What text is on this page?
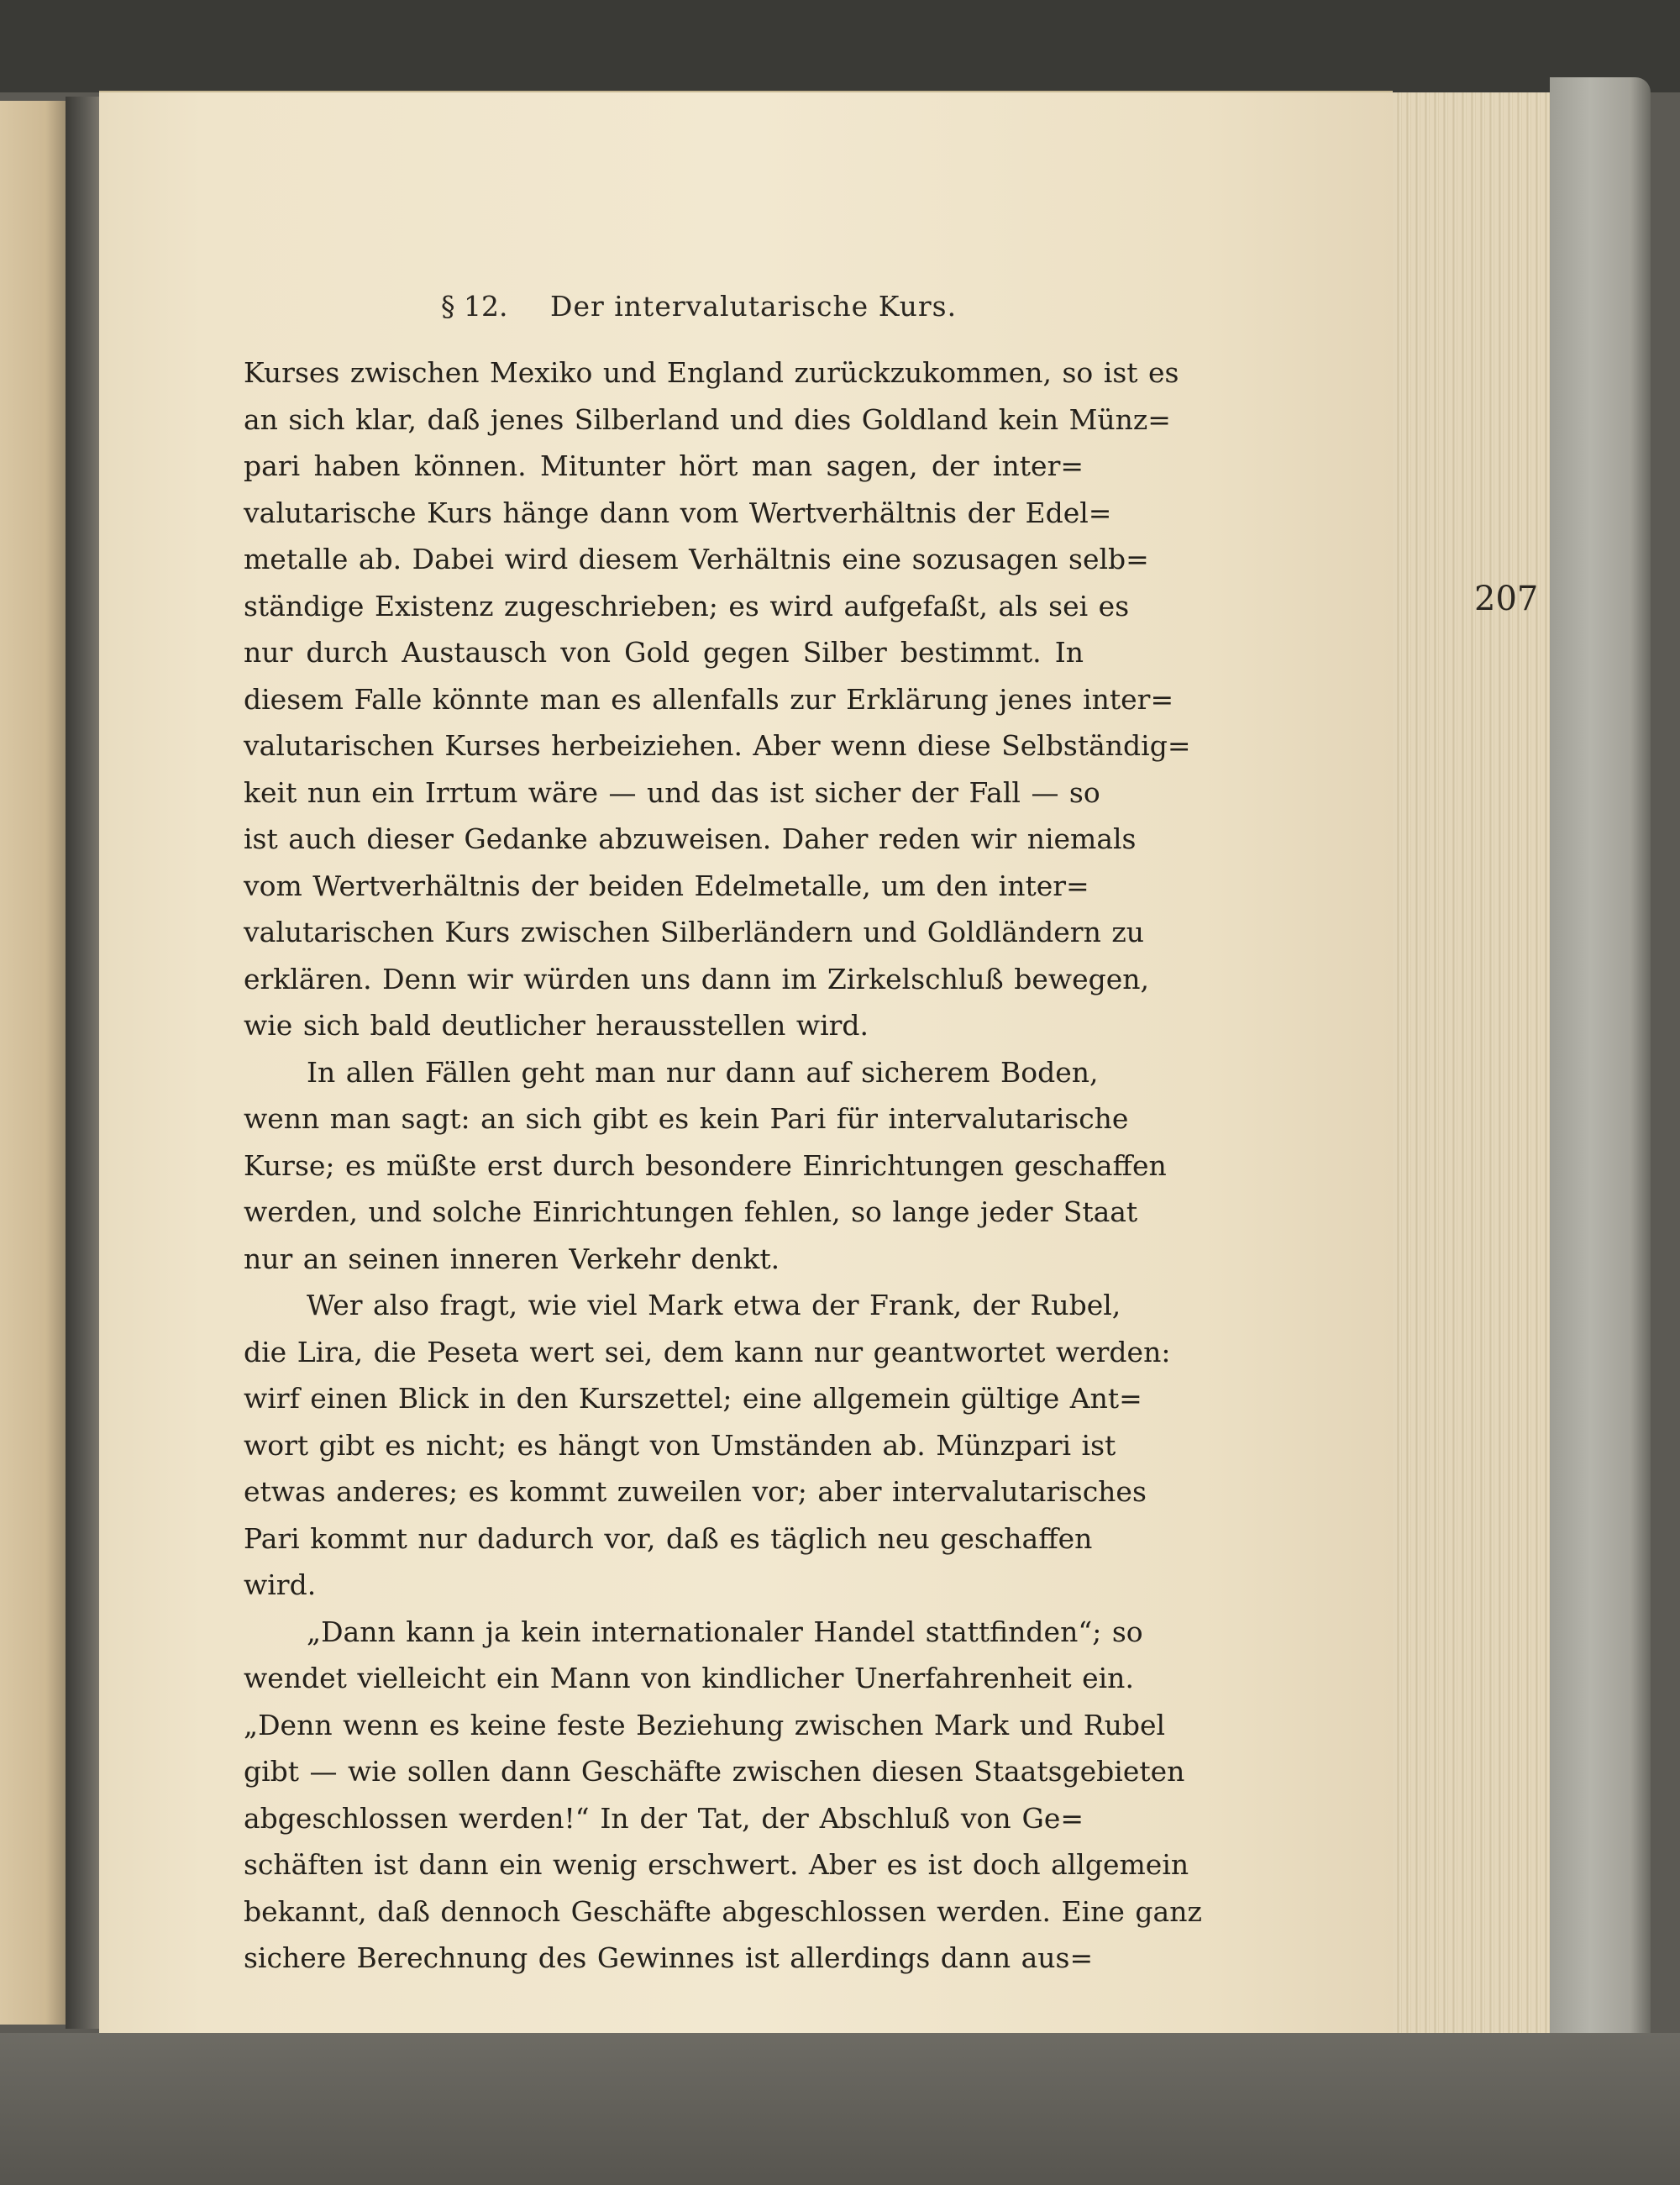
§ 12. Der intervalutarische Kurs.
207
Kurses zwischen Mexiko und England zurückzukommen, so ist es
an sich klar, daß jenes Silberland und dies Goldland kein Münz=
pari haben können. Mitunter hört man sagen, der inter=
valutarische Kurs hänge dann vom Wertverhältnis der Edel=
metalle ab. Dabei wird diesem Verhältnis eine sozusagen selb=
ständige Existenz zugeschrieben; es wird aufgefaßt, als sei es
nur durch Austausch von Gold gegen Silber bestimmt. In
diesem Falle könnte man es allenfalls zur Erklärung jenes inter=
valutarischen Kurses herbeiziehen. Aber wenn diese Selbständig=
keit nun ein Irrtum wäre — und das ist sicher der Fall — so
ist auch dieser Gedanke abzuweisen. Daher reden wir niemals
vom Wertverhältnis der beiden Edelmetalle, um den inter=
valutarischen Kurs zwischen Silberländern und Goldländern zu
erklären. Denn wir würden uns dann im Zirkelschluß bewegen,
wie sich bald deutlicher herausstellen wird.
In allen Fällen geht man nur dann auf sicherem Boden,
wenn man sagt: an sich gibt es kein Pari für intervalutarische
Kurse; es müßte erst durch besondere Einrichtungen geschaffen
werden, und solche Einrichtungen fehlen, so lange jeder Staat
nur an seinen inneren Verkehr denkt.
Wer also fragt, wie viel Mark etwa der Frank, der Rubel,
die Lira, die Peseta wert sei, dem kann nur geantwortet werden:
wirf einen Blick in den Kurszettel; eine allgemein gültige Ant=
wort gibt es nicht; es hängt von Umständen ab. Münzpari ist
etwas anderes; es kommt zuweilen vor; aber intervalutarisches
Pari kommt nur dadurch vor, daß es täglich neu geschaffen
wird.
„Dann kann ja kein internationaler Handel stattfinden“; so
wendet vielleicht ein Mann von kindlicher Unerfahrenheit ein.
„Denn wenn es keine feste Beziehung zwischen Mark und Rubel
gibt — wie sollen dann Geschäfte zwischen diesen Staatsgebieten
abgeschlossen werden!“ In der Tat, der Abschluß von Ge=
schäften ist dann ein wenig erschwert. Aber es ist doch allgemein
bekannt, daß dennoch Geschäfte abgeschlossen werden. Eine ganz
sichere Berechnung des Gewinnes ist allerdings dann aus=
